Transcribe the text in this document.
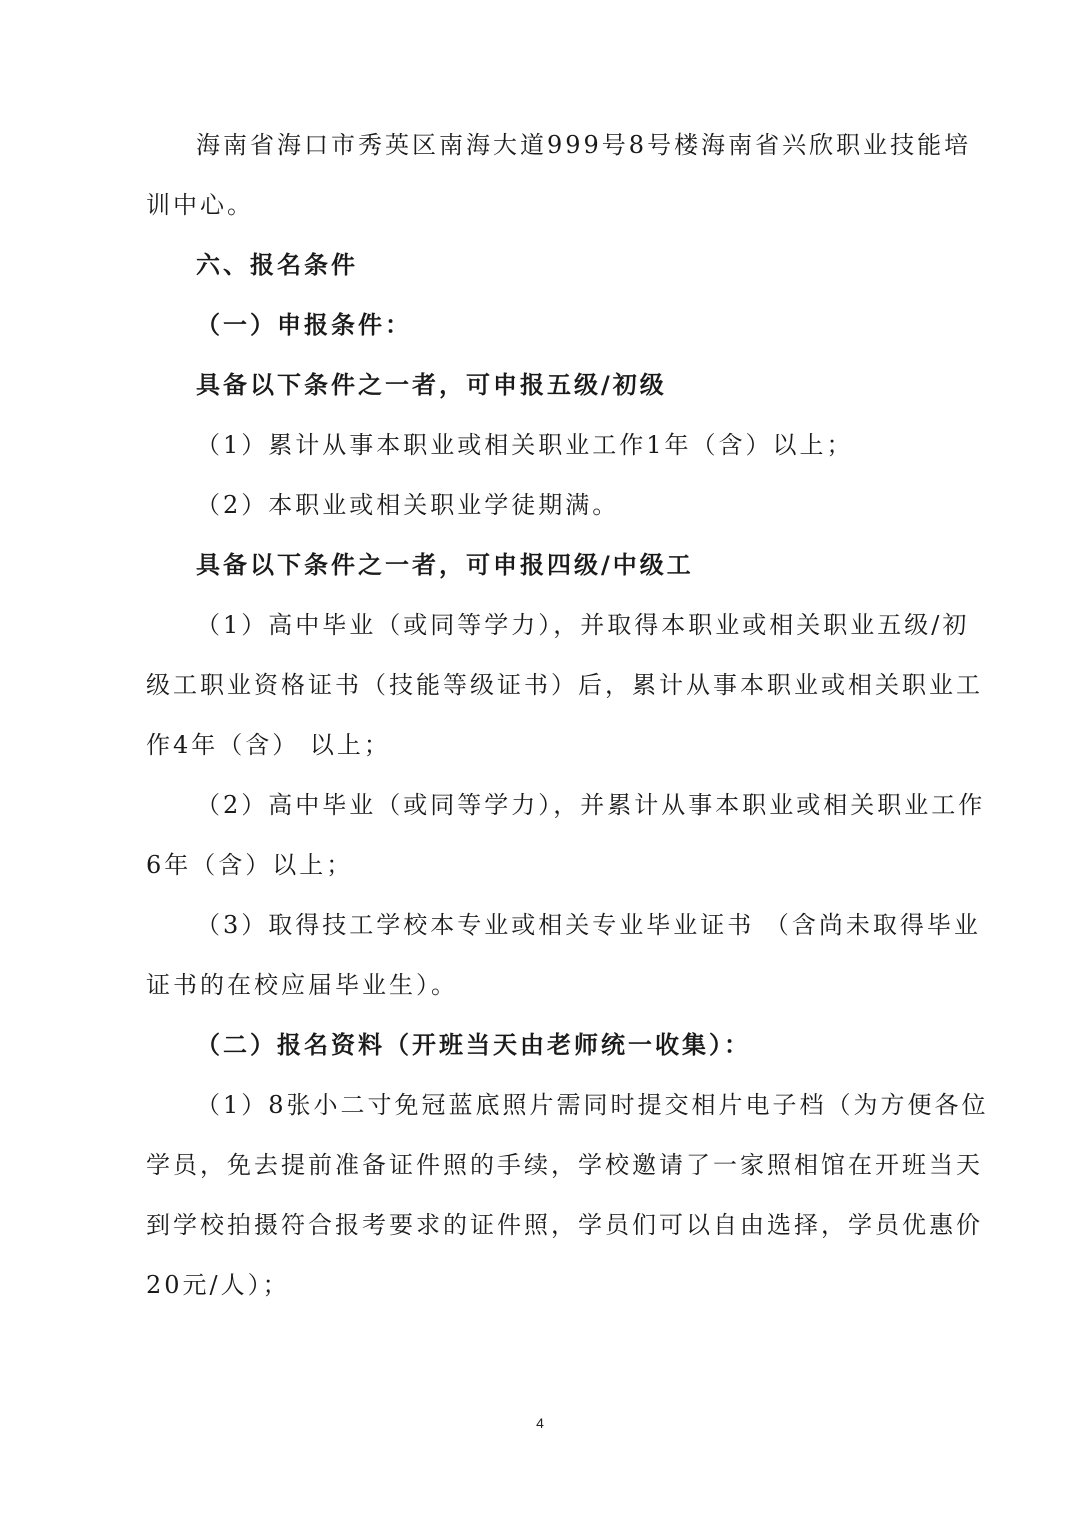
海南省海口市秀英区南海大道999号8号楼海南省兴欣职业技能培
训中心。
六、报名条件
（一）申报条件：
具备以下条件之一者，可申报五级/初级
（1）累计从事本职业或相关职业工作1年（含）以上；
（2）本职业或相关职业学徒期满。
具备以下条件之一者，可申报四级/中级工
（1）高中毕业（或同等学力），并取得本职业或相关职业五级/初
级工职业资格证书（技能等级证书）后，累计从事本职业或相关职业工
作4年（含） 以上；
（2）高中毕业（或同等学力），并累计从事本职业或相关职业工作
6年（含）以上；
（3）取得技工学校本专业或相关专业毕业证书 （含尚未取得毕业
证书的在校应届毕业生）。
（二）报名资料（开班当天由老师统一收集）：
（1）8张小二寸免冠蓝底照片需同时提交相片电子档（为方便各位
学员，免去提前准备证件照的手续，学校邀请了一家照相馆在开班当天
到学校拍摄符合报考要求的证件照，学员们可以自由选择，学员优惠价
20元/人）；
4
